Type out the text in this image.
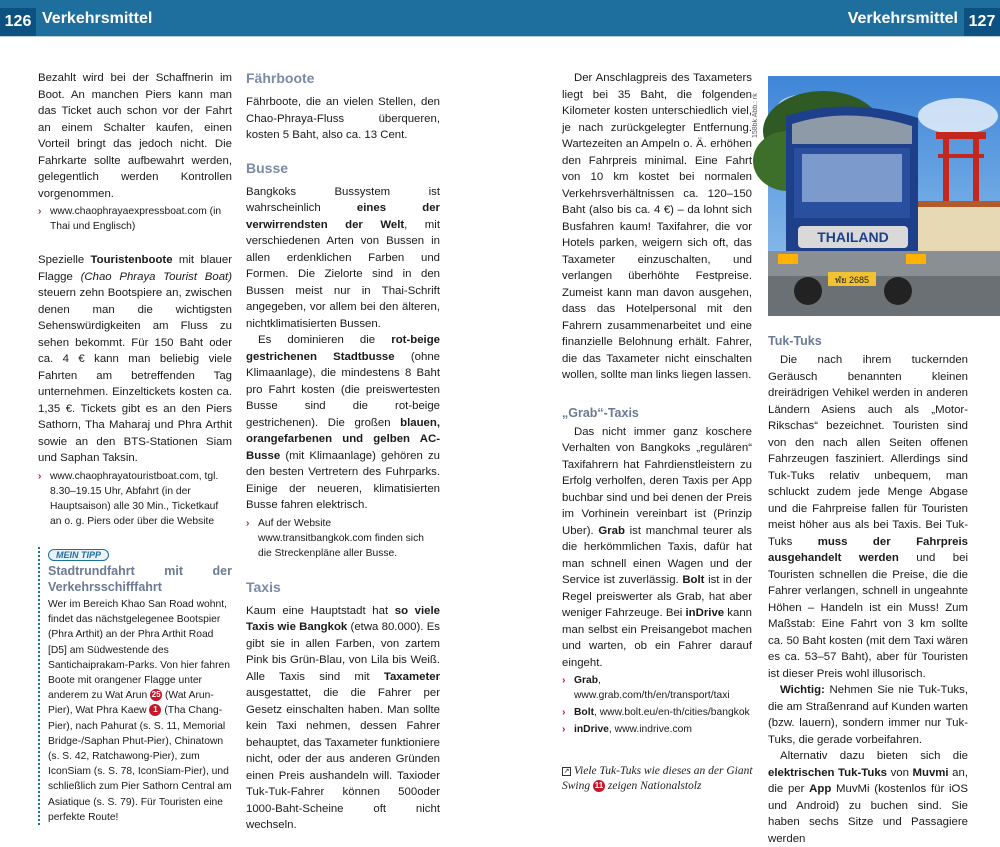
126 Verkehrsmittel	127
Verkehrsmittel

Bezahlt wird bei der Schaffnerin im Boot. An manchen Piers kann man das Ticket auch schon vor der Fahrt an einem Schalter kaufen, einen Vorteil bringt das jedoch nicht. Die Fahrkarte sollte aufbewahrt werden, gelegentlich werden Kontrollen vorgenommen.

› www.chaophrayaexpressboat.com (in Thai und Englisch)

Spezielle Touristenboote mit blauer Flagge (Chao Phraya Tourist Boat) steuern zehn Bootspiere an, zwischen denen man die wichtigsten Sehenswürdigkeiten am Fluss zu sehen bekommt. Für 150 Baht oder ca. 4 € kann man beliebig viele Fahrten am betreffenden Tag unternehmen. Einzeltickets kosten ca. 1,35 €. Tickets gibt es an den Piers Sathorn, Tha Maharaj und Phra Arthit sowie an den BTS-Stationen Siam und Saphan Taksin.

› www.chaophrayatouristboat.com, tgl. 8.30–19.15 Uhr, Abfahrt (in der Hauptsaison) alle 30 Min., Ticketkauf an o. g. Piers oder über die Website
MEIN TIPP
Stadtrundfahrt mit der Verkehrsschifffahrt
Wer im Bereich Khao San Road wohnt, findet das nächstgelegenee Bootspier (Phra Arthit) an der Phra Arthit Road [D5] am Südwestende des Santichaiprakam-Parks. Von hier fahren Boote mit orangener Flagge unter anderem zu Wat Arun 25 (Wat Arun-Pier), Wat Phra Kaew 1 (Tha Chang-Pier), nach Pahurat (s. S. 11, Memorial Bridge-/Saphan Phut-Pier), Chinatown (s. S. 42, Ratchawong-Pier), zum IconSiam (s. S. 78, IconSiam-Pier), und schließlich zum Pier Sathorn Central am Asiatique (s. S. 79). Für Touristen eine perfekte Route!
Fährboote

Fährboote, die an vielen Stellen, den Chao-Phraya-Fluss überqueren, kosten 5 Baht, also ca. 13 Cent.

Busse

Bangkoks Bussystem ist wahrscheinlich eines der verwirrendsten der Welt, mit verschiedenen Arten von Bussen in allen erdenklichen Farben und Formen. Die Zielorte sind in den Bussen meist nur in Thai-Schrift angegeben, vor allem bei den älteren, nichtklimatisierten Bussen.

Es dominieren die rot-beige gestrichenen Stadtbusse (ohne Klimaanlage), die mindestens 8 Baht pro Fahrt kosten (die preiswertesten Busse sind die rot-beige gestrichenen). Die großen blauen, orangefarbenen und gelben AC-Busse (mit Klimaanlage) gehören zu den besten Vertretern des Fuhrparks. Einige der neueren, klimatisierten Busse fahren elektrisch.

› Auf der Website www.transitbangkok.com finden sich die Streckenpläne aller Busse.
Taxis

Kaum eine Hauptstadt hat so viele Taxis wie Bangkok (etwa 80.000). Es gibt sie in allen Farben, von zartem Pink bis Grün-Blau, von Lila bis Weiß. Alle Taxis sind mit Taxameter ausgestattet, die die Fahrer per Gesetz einschalten haben. Man sollte kein Taxi nehmen, dessen Fahrer behauptet, das Taxameter funktioniere nicht, oder der aus anderen Gründen einen Preis aushandeln will. Taxioder Tuk-Tuk-Fahrer können 500oder 1000-Baht-Scheine oft nicht wechseln.

Der Anschlagpreis des Taxameters liegt bei 35 Baht, die folgenden Kilometer kosten unterschiedlich viel, je nach zurückgelegter Entfernung. Wartezeiten an Ampeln o. Ä. erhöhen den Fahrpreis minimal. Eine Fahrt von 10 km kostet bei normalen Verkehrsverhältnissen ca. 120–150 Baht (also bis ca. 4 €) – da lohnt sich Busfahren kaum! Taxifahrer, die vor Hotels parken, weigern sich oft, das Taxameter einzuschalten, und verlangen überhöhte Festpreise. Zumeist kann man davon ausgehen, dass das Hotelpersonal mit den Fahrern zusammenarbeitet und eine finanzielle Belohnung erhält. Fahrer, die das Taxameter nicht einschalten wollen, sollte man links liegen lassen.

„Grab“-Taxis

Das nicht immer ganz koschere Verhalten von Bangkoks „regulären“ Taxifahrern hat Fahrdienstleistern zu Erfolg verholfen, deren Taxis per App buchbar sind und bei denen der Preis im Vorhinein vereinbart ist (Prinzip Uber). Grab ist manchmal teurer als die herkömmlichen Taxis, dafür hat man schnell einen Wagen und der Service ist zuverlässig. Bolt ist in der Regel preiswerter als Grab, hat aber weniger Fahrzeuge. Bei inDrive kann man selbst ein Preisangebot machen und warten, ob ein Fahrer darauf eingeht.

› Grab, www.grab.com/th/en/transport/taxi
› Bolt, www.bolt.eu/en-th/cities/bangkok
› inDrive, www.indrive.com
↗ Viele Tuk-Tuks wie dieses an der Giant Swing 11 zeigen Nationalstolz
158bk Abb.: rk
THAILAND
ฬย 2685
Tuk-Tuks

Die nach ihrem tuckernden Geräusch benannten kleinen dreirädrigen Vehikel werden in anderen Ländern Asiens auch als „Motor-Rikschas“ bezeichnet. Touristen sind von den nach allen Seiten offenen Fahrzeugen fasziniert. Allerdings sind Tuk-Tuks relativ unbequem, man schluckt zudem jede Menge Abgase und die Fahrpreise fallen für Touristen meist höher aus als bei Taxis. Bei Tuk-Tuks muss der Fahrpreis ausgehandelt werden und bei Touristen schnellen die Preise, die die Fahrer verlangen, schnell in ungeahnte Höhen – Handeln ist ein Muss! Zum Maßstab: Eine Fahrt von 3 km sollte ca. 50 Baht kosten (mit dem Taxi wären es ca. 53–57 Baht), aber für Touristen ist dieser Preis wohl illusorisch.

Wichtig: Nehmen Sie nie Tuk-Tuks, die am Straßenrand auf Kunden warten (bzw. lauern), sondern immer nur Tuk-Tuks, die gerade vorbeifahren.

Alternativ dazu bieten sich die elektrischen Tuk-Tuks von Muvmi an, die per App MuvMi (kostenlos für iOS und Android) zu buchen sind. Sie haben sechs Sitze und Passagiere werden
